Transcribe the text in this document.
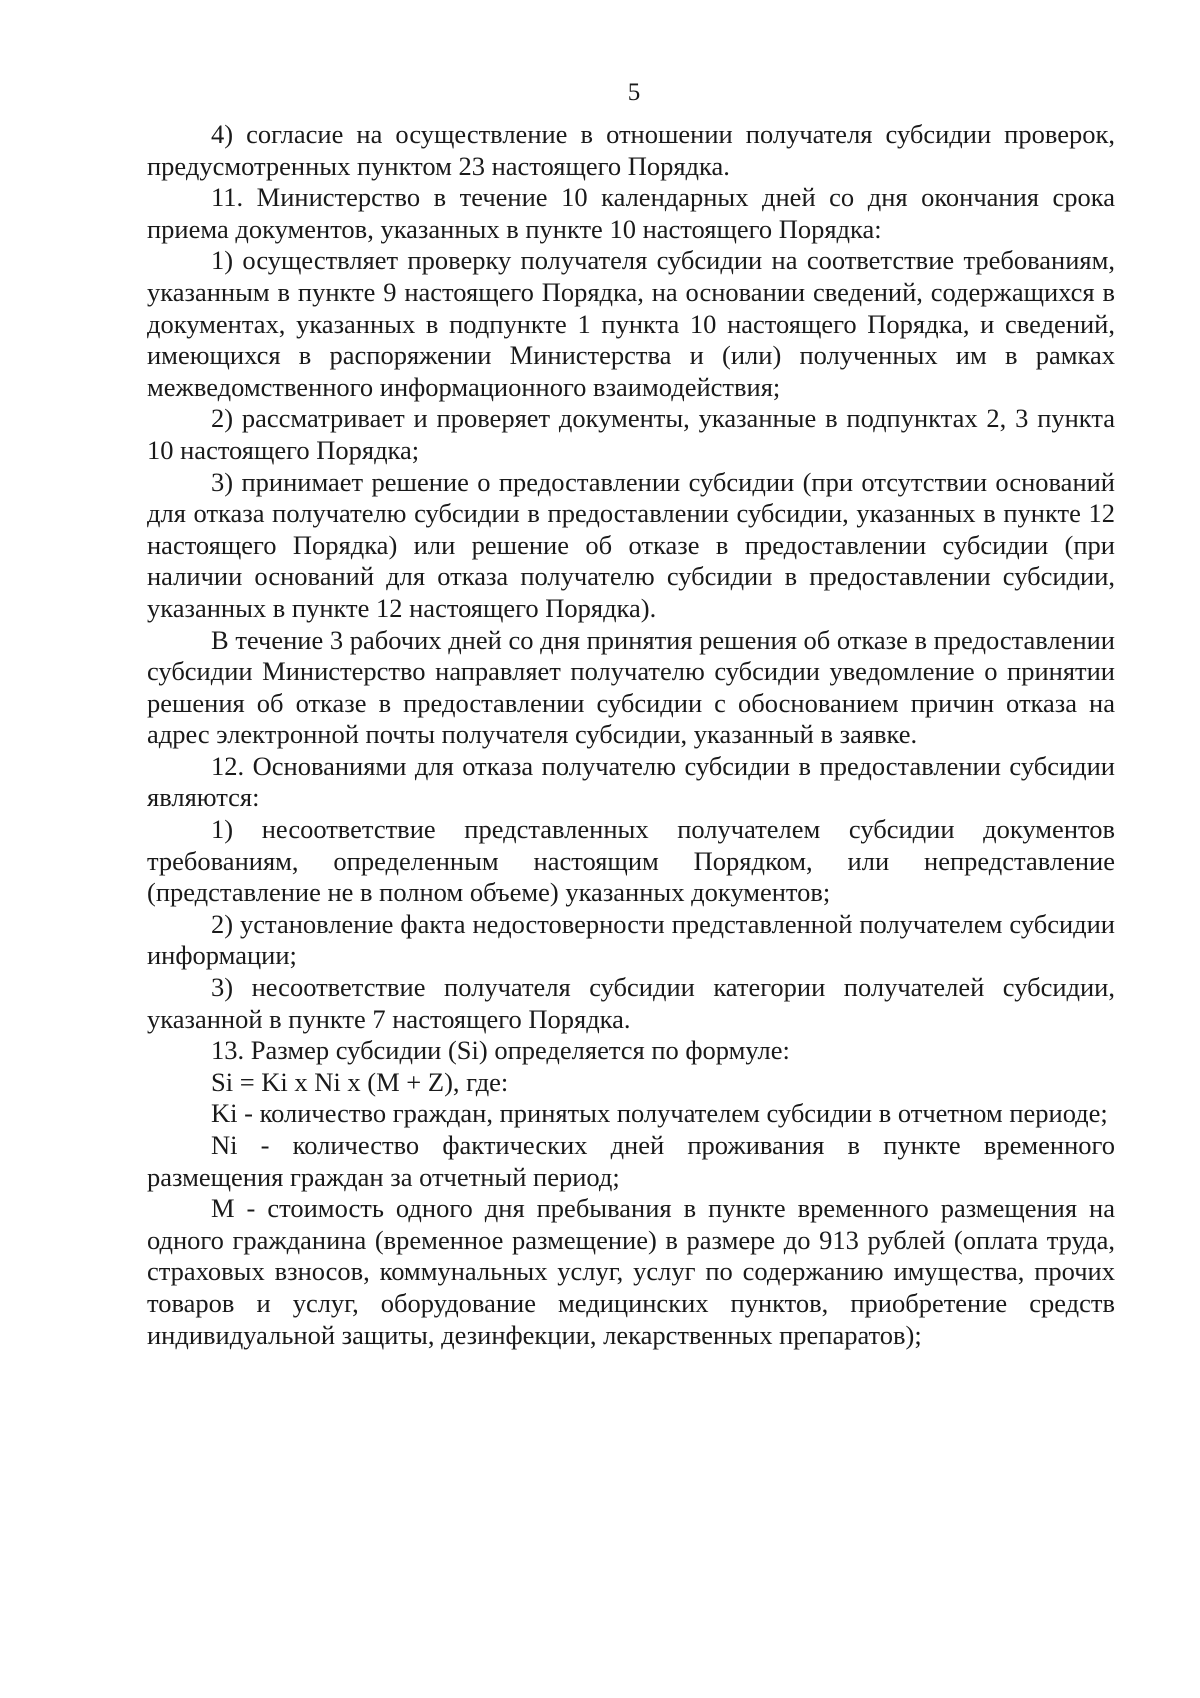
5

4) согласие на осуществление в отношении получателя субсидии проверок, предусмотренных пунктом 23 настоящего Порядка.

11. Министерство в течение 10 календарных дней со дня окончания срока приема документов, указанных в пункте 10 настоящего Порядка:

1) осуществляет проверку получателя субсидии на соответствие требованиям, указанным в пункте 9 настоящего Порядка, на основании сведений, содержащихся в документах, указанных в подпункте 1 пункта 10 настоящего Порядка, и сведений, имеющихся в распоряжении Министерства и (или) полученных им в рамках межведомственного информационного взаимодействия;

2) рассматривает и проверяет документы, указанные в подпунктах 2, 3 пункта 10 настоящего Порядка;

3) принимает решение о предоставлении субсидии (при отсутствии оснований для отказа получателю субсидии в предоставлении субсидии, указанных в пункте 12 настоящего Порядка) или решение об отказе в предоставлении субсидии (при наличии оснований для отказа получателю субсидии в предоставлении субсидии, указанных в пункте 12 настоящего Порядка).

В течение 3 рабочих дней со дня принятия решения об отказе в предоставлении субсидии Министерство направляет получателю субсидии уведомление о принятии решения об отказе в предоставлении субсидии с обоснованием причин отказа на адрес электронной почты получателя субсидии, указанный в заявке.

12. Основаниями для отказа получателю субсидии в предоставлении субсидии являются:

1) несоответствие представленных получателем субсидии документов требованиям, определенным настоящим Порядком, или непредставление (представление не в полном объеме) указанных документов;

2) установление факта недостоверности представленной получателем субсидии информации;

3) несоответствие получателя субсидии категории получателей субсидии, указанной в пункте 7 настоящего Порядка.

13. Размер субсидии (Si) определяется по формуле:

Si = Ki x Ni x (M + Z), где:

Ki - количество граждан, принятых получателем субсидии в отчетном периоде;

Ni - количество фактических дней проживания в пункте временного размещения граждан за отчетный период;

M - стоимость одного дня пребывания в пункте временного размещения на одного гражданина (временное размещение) в размере до 913 рублей (оплата труда, страховых взносов, коммунальных услуг, услуг по содержанию имущества, прочих товаров и услуг, оборудование медицинских пунктов, приобретение средств индивидуальной защиты, дезинфекции, лекарственных препаратов);
